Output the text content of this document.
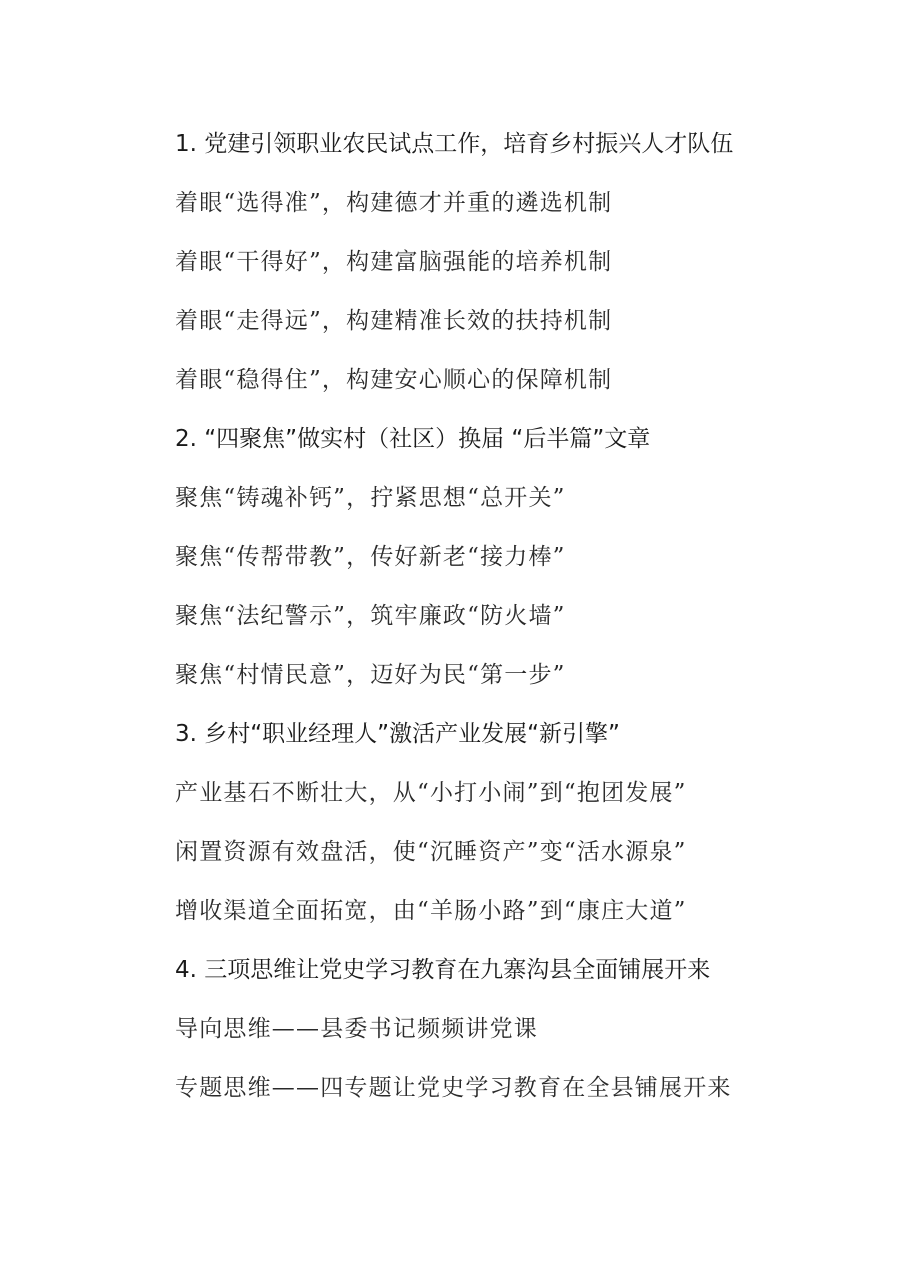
1. 党建引领职业农民试点工作，培育乡村振兴人才队伍
着眼“选得准”，构建德才并重的遴选机制
着眼“干得好”，构建富脑强能的培养机制
着眼“走得远”，构建精准长效的扶持机制
着眼“稳得住”，构建安心顺心的保障机制
2. “四聚焦”做实村（社区）换届 “后半篇”文章
聚焦“铸魂补钙”，拧紧思想“总开关”
聚焦“传帮带教”，传好新老“接力棒”
聚焦“法纪警示”，筑牢廉政“防火墙”
聚焦“村情民意”，迈好为民“第一步”
3. 乡村“职业经理人”激活产业发展“新引擎”
产业基石不断壮大，从“小打小闹”到“抱团发展”
闲置资源有效盘活，使“沉睡资产”变“活水源泉”
增收渠道全面拓宽，由“羊肠小路”到“康庄大道”
4. 三项思维让党史学习教育在九寨沟县全面铺展开来
导向思维——县委书记频频讲党课
专题思维——四专题让党史学习教育在全县铺展开来
